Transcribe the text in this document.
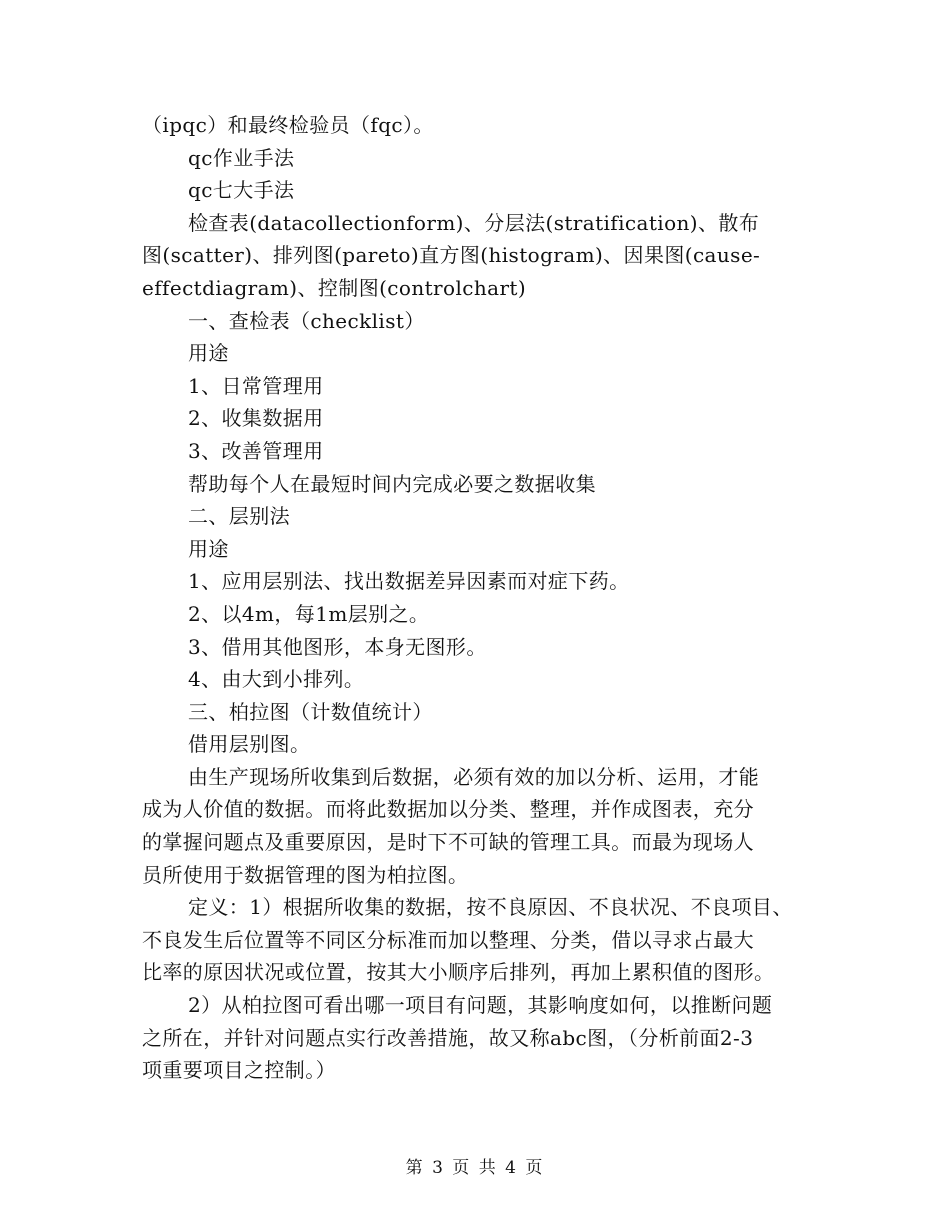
（ipqc）和最终检验员（fqc）。
qc作业手法
qc七大手法
检查表(datacollectionform)、分层法(stratification)、散布
图(scatter)、排列图(pareto)直方图(histogram)、因果图(cause-
effectdiagram)、控制图(controlchart)
一、查检表（checklist）
用途
1、日常管理用
2、收集数据用
3、改善管理用
帮助每个人在最短时间内完成必要之数据收集
二、层别法
用途
1、应用层别法、找出数据差异因素而对症下药。
2、以4m，每1m层别之。
3、借用其他图形，本身无图形。
4、由大到小排列。
三、柏拉图（计数值统计）
借用层别图。
由生产现场所收集到后数据，必须有效的加以分析、运用，才能
成为人价值的数据。而将此数据加以分类、整理，并作成图表，充分
的掌握问题点及重要原因，是时下不可缺的管理工具。而最为现场人
员所使用于数据管理的图为柏拉图。
定义：1）根据所收集的数据，按不良原因、不良状况、不良项目、
不良发生后位置等不同区分标准而加以整理、分类，借以寻求占最大
比率的原因状况或位置，按其大小顺序后排列，再加上累积值的图形。
2）从柏拉图可看出哪一项目有问题，其影响度如何，以推断问题
之所在，并针对问题点实行改善措施，故又称abc图，（分析前面2-3
项重要项目之控制。）
第 3 页 共 4 页
